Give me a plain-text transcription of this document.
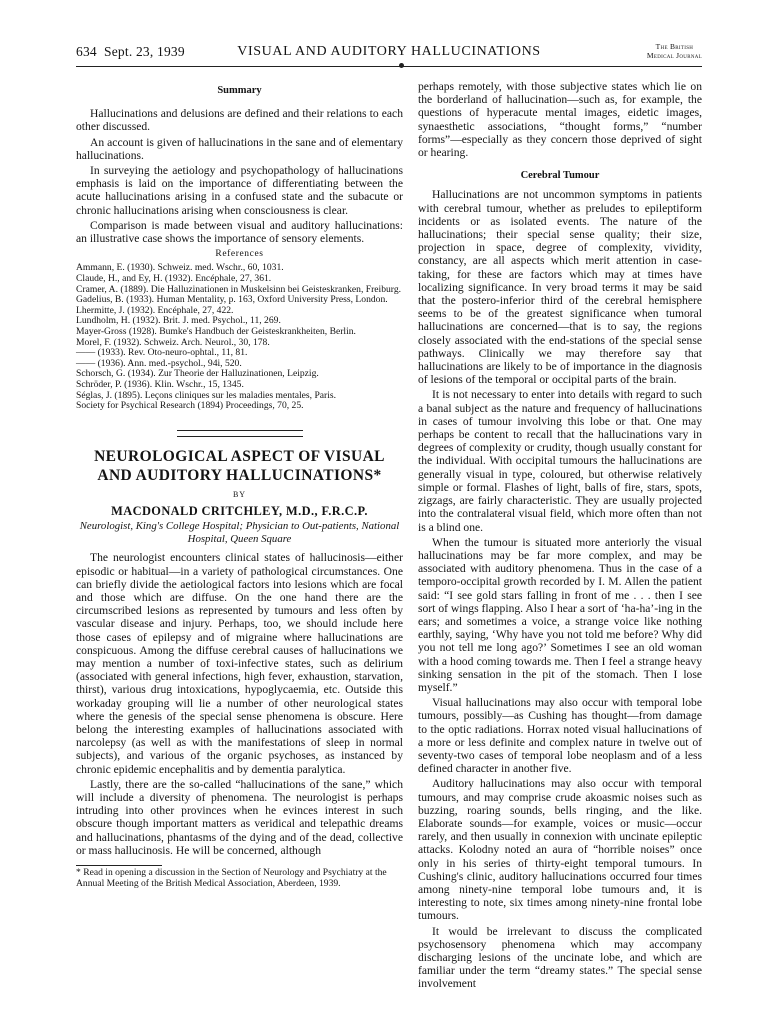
634 Sept. 23, 1939	VISUAL AND AUDITORY HALLUCINATIONS	The British
Medical Journal
Summary

Hallucinations and delusions are defined and their relations to each other discussed.

An account is given of hallucinations in the sane and of elementary hallucinations.

In surveying the aetiology and psychopathology of hallucinations emphasis is laid on the importance of differentiating between the acute hallucinations arising in a confused state and the subacute or chronic hallucinations arising when consciousness is clear.

Comparison is made between visual and auditory hallucinations: an illustrative case shows the importance of sensory elements.

References
Ammann, E. (1930). Schweiz. med. Wschr., 60, 1031.
Claude, H., and Ey, H. (1932). Encéphale, 27, 361.
Cramer, A. (1889). Die Halluzinationen in Muskelsinn bei Geisteskranken, Freiburg.
Gadelius, B. (1933). Human Mentality, p. 163, Oxford University Press, London.
Lhermitte, J. (1932). Encéphale, 27, 422.
Lundholm, H. (1932). Brit. J. med. Psychol., 11, 269.
Mayer-Gross (1928). Bumke's Handbuch der Geisteskrankheiten, Berlin.
Morel, F. (1932). Schweiz. Arch. Neurol., 30, 178.
—— (1933). Rev. Oto-neuro-ophtal., 11, 81.
—— (1936). Ann. med.-psychol., 94i, 520.
Schorsch, G. (1934). Zur Theorie der Halluzinationen, Leipzig.
Schröder, P. (1936). Klin. Wschr., 15, 1345.
Séglas, J. (1895). Leçons cliniques sur les maladies mentales, Paris.
Society for Psychical Research (1894) Proceedings, 70, 25.
NEUROLOGICAL ASPECT OF VISUAL AND AUDITORY HALLUCINATIONS*
BY
MACDONALD CRITCHLEY, M.D., F.R.C.P.
Neurologist, King's College Hospital; Physician to Out-patients, National Hospital, Queen Square

The neurologist encounters clinical states of hallucinosis—either episodic or habitual—in a variety of pathological circumstances. One can briefly divide the aetiological factors into lesions which are focal and those which are diffuse. On the one hand there are the circumscribed lesions as represented by tumours and less often by vascular disease and injury. Perhaps, too, we should include here those cases of epilepsy and of migraine where hallucinations are conspicuous. Among the diffuse cerebral causes of hallucinations we may mention a number of toxi-infective states, such as delirium (associated with general infections, high fever, exhaustion, starvation, thirst), various drug intoxications, hypoglycaemia, etc. Outside this workaday grouping will lie a number of other neurological states where the genesis of the special sense phenomena is obscure. Here belong the interesting examples of hallucinations associated with narcolepsy (as well as with the manifestations of sleep in normal subjects), and various of the organic psychoses, as instanced by chronic epidemic encephalitis and by dementia paralytica.

Lastly, there are the so-called “hallucinations of the sane,” which will include a diversity of phenomena. The neurologist is perhaps intruding into other provinces when he evinces interest in such obscure though important matters as veridical and telepathic dreams and hallucinations, phantasms of the dying and of the dead, collective or mass hallucinosis. He will be concerned, although

* Read in opening a discussion in the Section of Neurology and Psychiatry at the Annual Meeting of the British Medical Association, Aberdeen, 1939.

perhaps remotely, with those subjective states which lie on the borderland of hallucination—such as, for example, the questions of hyperacute mental images, eidetic images, synaesthetic associations, “thought forms,” “number forms”—especially as they concern those deprived of sight or hearing.

Cerebral Tumour

Hallucinations are not uncommon symptoms in patients with cerebral tumour, whether as preludes to epileptiform incidents or as isolated events. The nature of the hallucinations; their special sense quality; their size, projection in space, degree of complexity, vividity, constancy, are all aspects which merit attention in case-taking, for these are factors which may at times have localizing significance. In very broad terms it may be said that the postero-inferior third of the cerebral hemisphere seems to be of the greatest significance when tumoral hallucinations are concerned—that is to say, the regions closely associated with the end-stations of the special sense pathways. Clinically we may therefore say that hallucinations are likely to be of importance in the diagnosis of lesions of the temporal or occipital parts of the brain.

It is not necessary to enter into details with regard to such a banal subject as the nature and frequency of hallucinations in cases of tumour involving this lobe or that. One may perhaps be content to recall that the hallucinations vary in degrees of complexity or crudity, though usually constant for the individual. With occipital tumours the hallucinations are generally visual in type, coloured, but otherwise relatively simple or formal. Flashes of light, balls of fire, stars, spots, zigzags, are fairly characteristic. They are usually projected into the contralateral visual field, which more often than not is a blind one.

When the tumour is situated more anteriorly the visual hallucinations may be far more complex, and may be associated with auditory phenomena. Thus in the case of a temporo-occipital growth recorded by I. M. Allen the patient said: “I see gold stars falling in front of me . . . then I see sort of wings flapping. Also I hear a sort of ‘ha-ha’-ing in the ears; and sometimes a voice, a strange voice like nothing earthly, saying, ‘Why have you not told me before? Why did you not tell me long ago?’ Sometimes I see an old woman with a hood coming towards me. Then I feel a strange heavy sinking sensation in the pit of the stomach. Then I lose myself.”

Visual hallucinations may also occur with temporal lobe tumours, possibly—as Cushing has thought—from damage to the optic radiations. Horrax noted visual hallucinations of a more or less definite and complex nature in twelve out of seventy-two cases of temporal lobe neoplasm and of a less defined character in another five.

Auditory hallucinations may also occur with temporal tumours, and may comprise crude akoasmic noises such as buzzing, roaring sounds, bells ringing, and the like. Elaborate sounds—for example, voices or music—occur rarely, and then usually in connexion with uncinate epileptic attacks. Kolodny noted an aura of “horrible noises” once only in his series of thirty-eight temporal tumours. In Cushing's clinic, auditory hallucinations occurred four times among ninety-nine temporal lobe tumours and, it is interesting to note, six times among ninety-nine frontal lobe tumours.

It would be irrelevant to discuss the complicated psychosensory phenomena which may accompany discharging lesions of the uncinate lobe, and which are familiar under the term “dreamy states.” The special sense involvement
